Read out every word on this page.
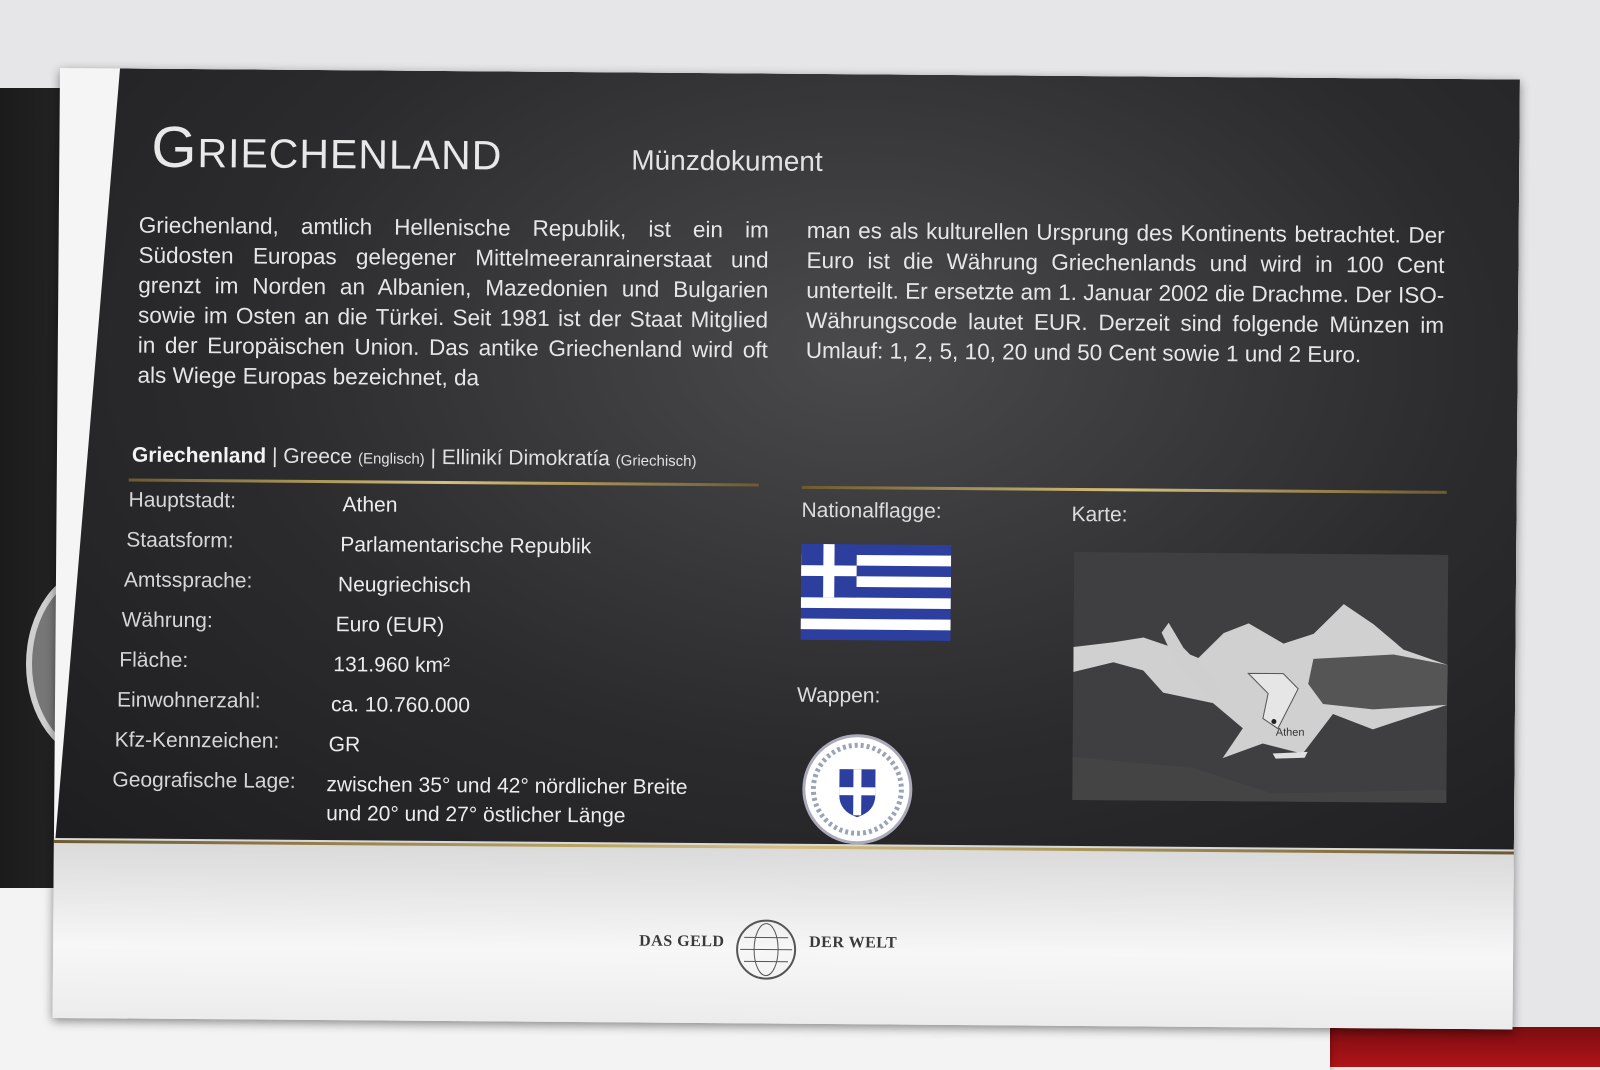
Griechenland	Münzdokument
Griechenland, amtlich Hellenische Republik, ist ein im Südosten Europas gelegener Mittelmeeranrainerstaat und grenzt im Norden an Albanien, Mazedonien und Bulgarien sowie im Osten an die Türkei. Seit 1981 ist der Staat Mitglied in der Europäischen Union. Das antike Griechenland wird oft als Wiege Europas bezeichnet, da
man es als kulturellen Ursprung des Kontinents betrachtet. Der Euro ist die Währung Griechenlands und wird in 100 Cent unterteilt. Er ersetzte am 1. Januar 2002 die Drachme. Der ISO-Währungscode lautet EUR. Derzeit sind folgende Münzen im Umlauf: 1, 2, 5, 10, 20 und 50 Cent sowie 1 und 2 Euro.
Griechenland | Greece (Englisch) | Ellinikí Dimokratía (Griechisch)
Hauptstadt:	Athen
Staatsform:	Parlamentarische Republik
Amtssprache:	Neugriechisch
Währung:	Euro (EUR)
Fläche:	131.960 km²
Einwohnerzahl:	ca. 10.760.000
Kfz-Kennzeichen: GR
Geografische Lage: zwischen 35° und 42° nördlicher Breite
und 20° und 27° östlicher Länge
Nationalflagge:
Wappen:
Karte:
Athen
DAS GELD	DER WELT
